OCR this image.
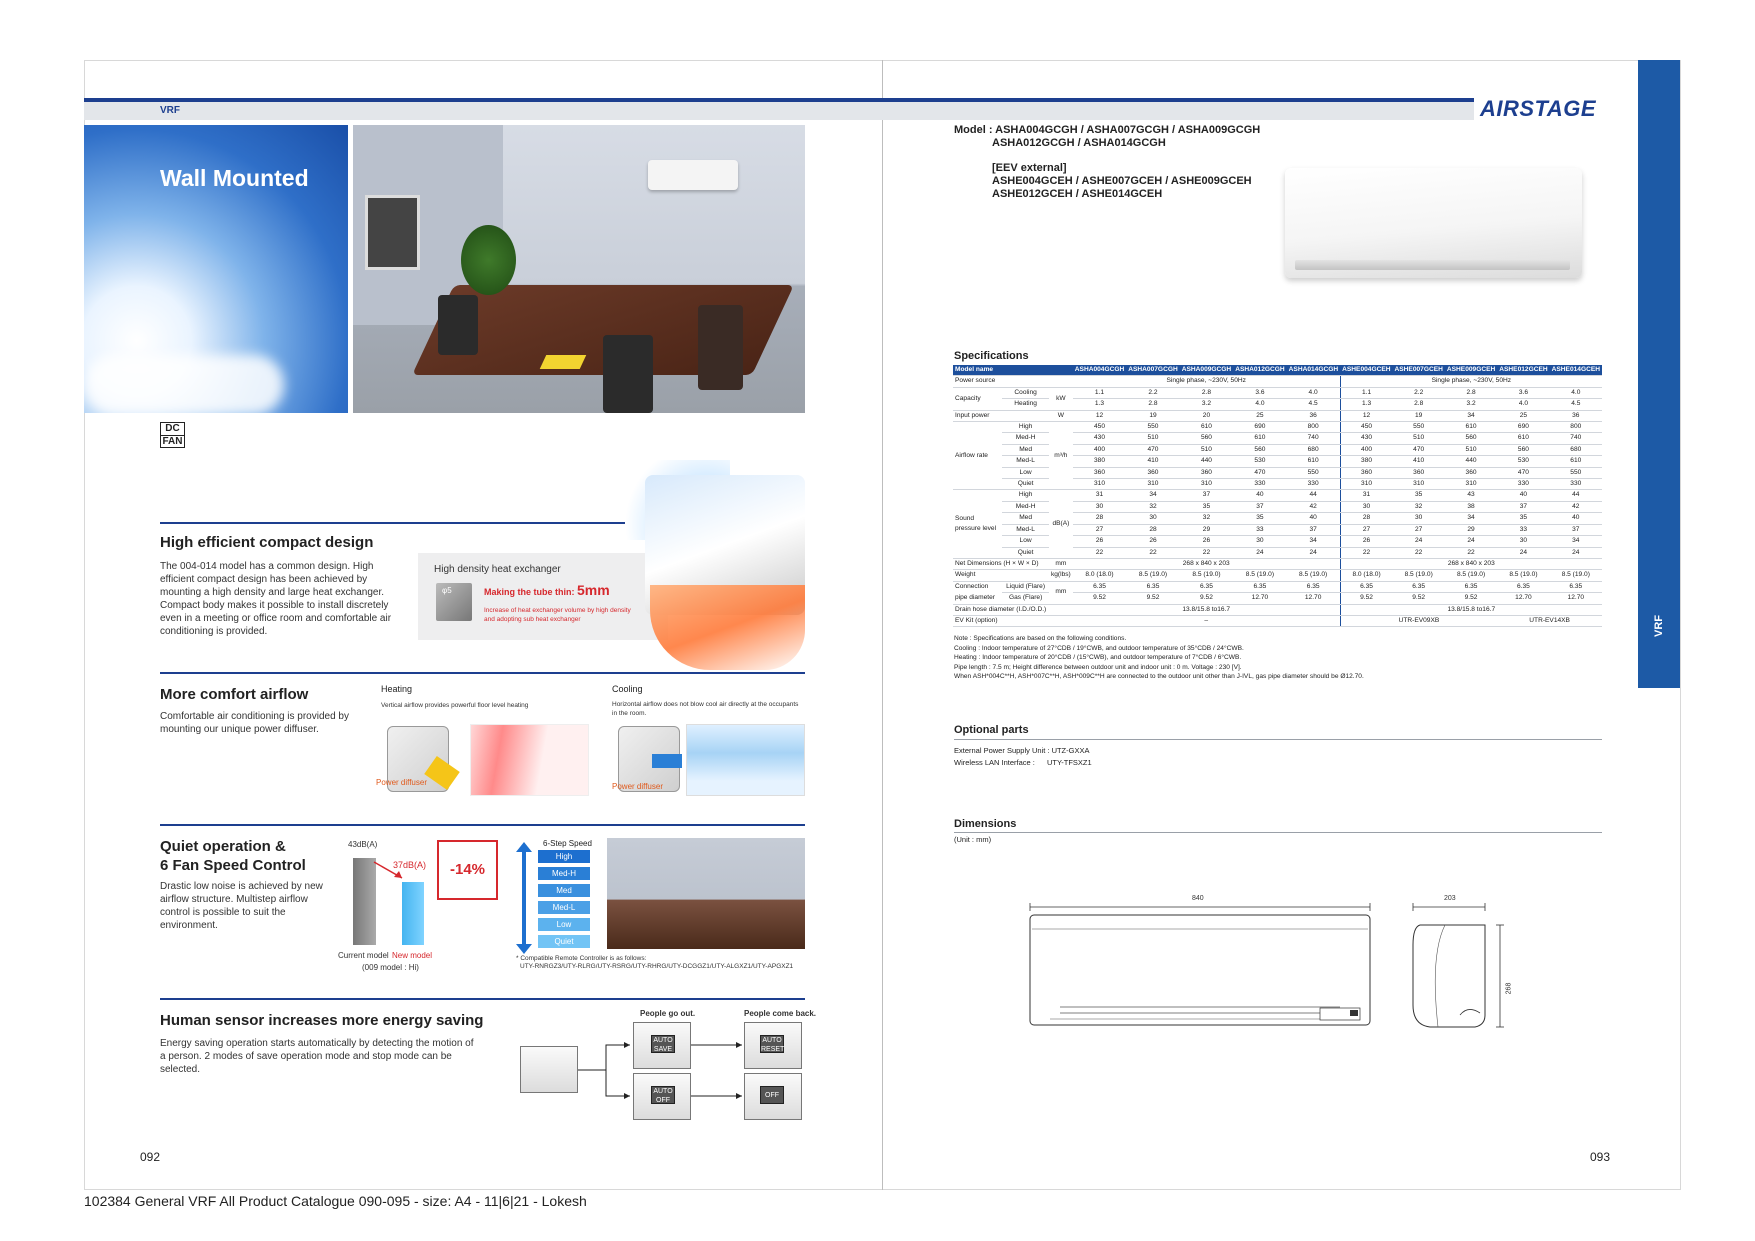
VRF	AIRSTAGE
VRF
Wall Mounted
DC
FAN
High efficient compact design
The 004-014 model has a common design. High efficient compact design has been achieved by mounting a high density and large heat exchanger. Compact body makes it possible to install discretely even in a meeting or office room and comfortable air conditioning is provided.
High density heat exchanger
φ5	Making the tube thin: 5mm
Increase of heat exchanger volume by high density and adopting sub heat exchanger
More comfort airflow
Comfortable air conditioning is provided by mounting our unique power diffuser.
Heating
Vertical airflow provides powerful floor level heating
Power diffuser
Cooling
Horizontal airflow does not blow cool air directly at the occupants in the room.
Power diffuser
Quiet operation &
6 Fan Speed Control
Drastic low noise is achieved by new airflow structure. Multistep airflow control is possible to suit the environment.
43dB(A)
37dB(A)	-14%
Current model New model
(009 model : Hi)
6-Step Speed
High
Med-H
Med
Med-L
Low
Quiet
* Compatible Remote Controller is as follows:
UTY-RNRGZ3/UTY-RLRG/UTY-RSRG/UTY-RHRG/UTY-DCGGZ1/UTY-ALGXZ1/UTY-APGXZ1
Human sensor increases more energy saving
Energy saving operation starts automatically by detecting the motion of a person. 2 modes of save operation mode and stop mode can be selected.
People go out.	People come back.
AUTO
SAVE
AUTO
RESET
AUTO
OFF
OFF
092
Model : ASHA004GCGH / ASHA007GCGH / ASHA009GCGH
ASHA012GCGH / ASHA014GCGH
[EEV external]
ASHE004GCEH / ASHE007GCEH / ASHE009GCEH
ASHE012GCEH / ASHE014GCEH
Specifications
Model name			ASHA004GCGH	ASHA007GCGH	ASHA009GCGH	ASHA012GCGH	ASHA014GCGH	ASHE004GCEH	ASHE007GCEH	ASHE009GCEH	ASHE012GCEH	ASHE014GCEH
Power source			Single phase, ~230V, 50Hz					Single phase, ~230V, 50Hz				
Capacity	Cooling	kW	1.1	2.2	2.8	3.6	4.0	1.1	2.2	2.8	3.6	4.0
	Heating		1.3	2.8	3.2	4.0	4.5	1.3	2.8	3.2	4.0	4.5
Input power		W	12	19	20	25	36	12	19	34	25	36
Airflow rate	High	m³/h	450	550	610	690	800	450	550	610	690	800
	Med-H		430	510	560	610	740	430	510	560	610	740
	Med		400	470	510	560	680	400	470	510	560	680
	Med-L		380	410	440	530	610	380	410	440	530	610
	Low		360	360	360	470	550	360	360	360	470	550
	Quiet		310	310	310	330	330	310	310	310	330	330
Sound pressure level	High	dB(A)	31	34	37	40	44	31	35	43	40	44
	Med-H		30	32	35	37	42	30	32	38	37	42
	Med		28	30	32	35	40	28	30	34	35	40
	Med-L		27	28	29	33	37	27	27	29	33	37
	Low		26	26	26	30	34	26	24	24	30	34
	Quiet		22	22	22	24	24	22	22	22	24	24
Net Dimensions (H × W × D)		mm	268 x 840 x 203					268 x 840 x 203				
Weight		kg(lbs)	8.0 (18.0)	8.5 (19.0)	8.5 (19.0)	8.5 (19.0)	8.5 (19.0)	8.0 (18.0)	8.5 (19.0)	8.5 (19.0)	8.5 (19.0)	8.5 (19.0)
Connection pipe diameter	Liquid (Flare)	mm	6.35	6.35	6.35	6.35	6.35	6.35	6.35	6.35	6.35	6.35
	Gas (Flare)		9.52	9.52	9.52	12.70	12.70	9.52	9.52	9.52	12.70	12.70
Drain hose diameter (I.D./O.D.)			13.8/15.8 to16.7					13.8/15.8 to16.7				
EV Kit (option)			–					UTR-EV09XB			UTR-EV14XB	
Note : Specifications are based on the following conditions.
Cooling : Indoor temperature of 27°CDB / 19°CWB, and outdoor temperature of 35°CDB / 24°CWB.
Heating : Indoor temperature of 20°CDB / (15°CWB), and outdoor temperature of 7°CDB / 6°CWB.
Pipe length : 7.5 m; Height difference between outdoor unit and indoor unit : 0 m. Voltage : 230 [V].
When ASH*004C**H, ASH*007C**H, ASH*009C**H are connected to the outdoor unit other than J-IVL, gas pipe diameter should be Ø12.70.
Optional parts
External Power Supply Unit : UTZ-GXXA
Wireless LAN Interface : UTY-TFSXZ1
Dimensions
(Unit : mm)
840	203
268
093
102384 General VRF All Product Catalogue 090-095 - size: A4 - 11|6|21 - Lokesh
